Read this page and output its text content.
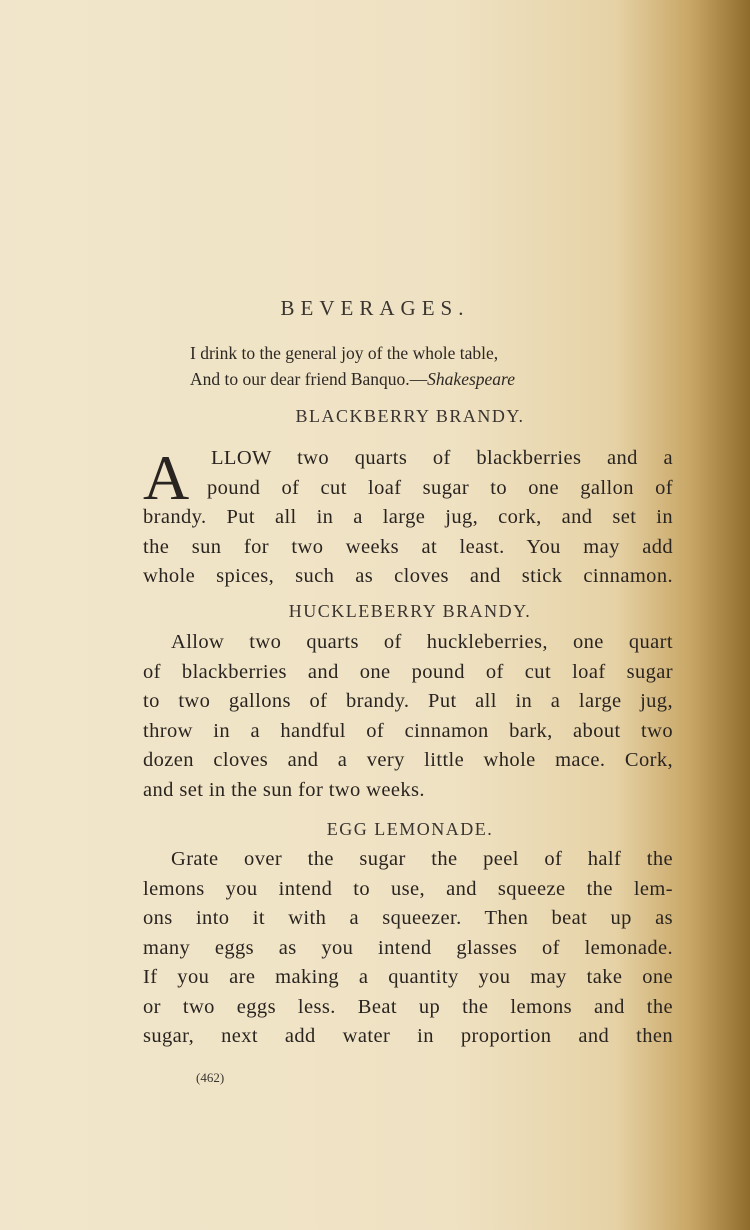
BEVERAGES.
I drink to the general joy of the whole table,
And to our dear friend Banquo.—Shakespeare
BLACKBERRY BRANDY.
A	LLOW two quarts of blackberries and a
pound of cut loaf sugar to one gallon of
brandy. Put all in a large jug, cork, and set in
the sun for two weeks at least. You may add
whole spices, such as cloves and stick cinnamon.
HUCKLEBERRY BRANDY.
Allow two quarts of huckleberries, one quart
of blackberries and one pound of cut loaf sugar
to two gallons of brandy. Put all in a large jug,
throw in a handful of cinnamon bark, about two
dozen cloves and a very little whole mace. Cork,
and set in the sun for two weeks.
EGG LEMONADE.
Grate over the sugar the peel of half the
lemons you intend to use, and squeeze the lem-
ons into it with a squeezer. Then beat up as
many eggs as you intend glasses of lemonade.
If you are making a quantity you may take one
or two eggs less. Beat up the lemons and the
sugar, next add water in proportion and then
(462)
